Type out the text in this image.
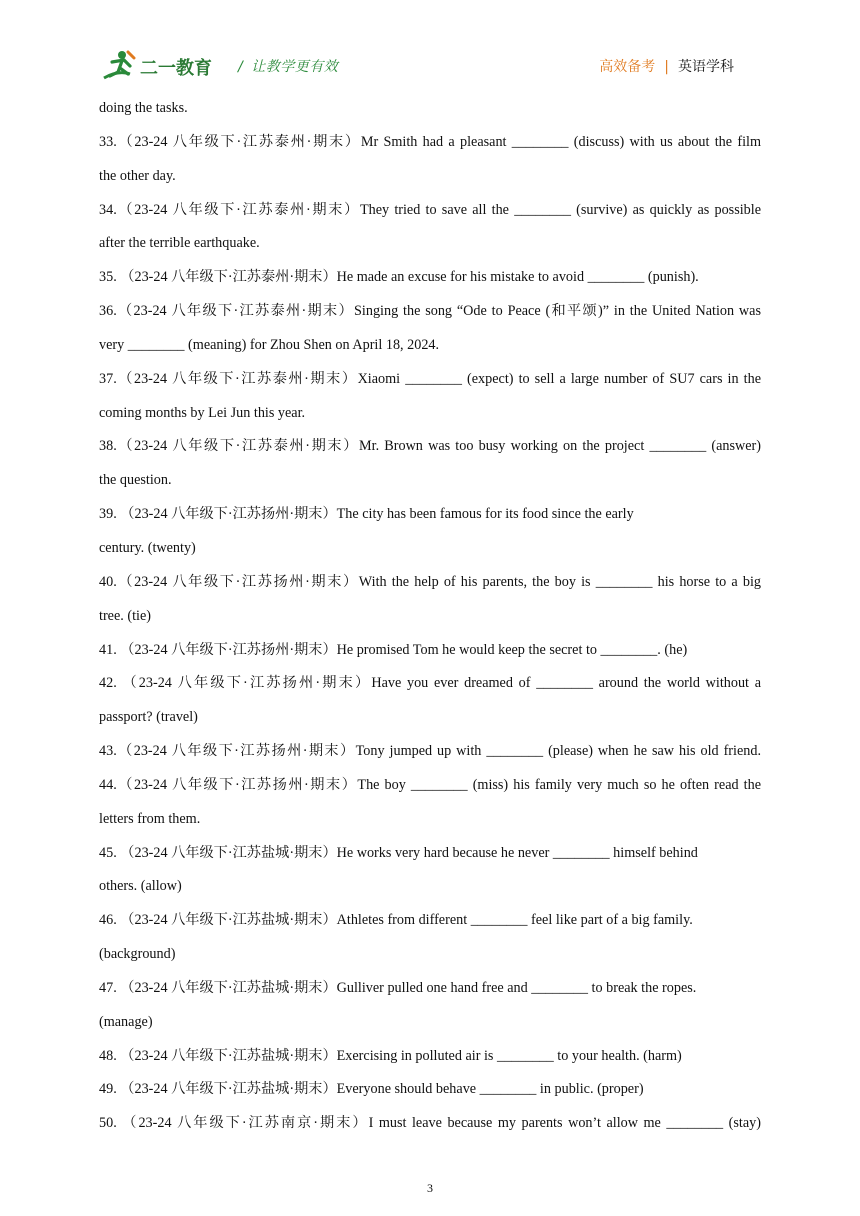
二一教育 / 让教学更有效	高效备考 | 英语学科
doing the tasks.
33.（23-24 八年级下·江苏泰州·期末）Mr Smith had a pleasant ________ (discuss) with us about the film
the other day.
34.（23-24 八年级下·江苏泰州·期末）They tried to save all the ________ (survive) as quickly as possible
after the terrible earthquake.
35. （23-24 八年级下·江苏泰州·期末）He made an excuse for his mistake to avoid ________ (punish).
36.（23-24 八年级下·江苏泰州·期末）Singing the song “Ode to Peace (和平颂)” in the United Nation was
very ________ (meaning) for Zhou Shen on April 18, 2024.
37.（23-24 八年级下·江苏泰州·期末）Xiaomi ________ (expect) to sell a large number of SU7 cars in the
coming months by Lei Jun this year.
38.（23-24 八年级下·江苏泰州·期末）Mr. Brown was too busy working on the project ________ (answer)
the question.
39. （23-24 八年级下·江苏扬州·期末）The city has been famous for its food since the early
century. (twenty)
40.（23-24 八年级下·江苏扬州·期末）With the help of his parents, the boy is ________ his horse to a big
tree. (tie)
41. （23-24 八年级下·江苏扬州·期末）He promised Tom he would keep the secret to ________. (he)
42. （23-24 八年级下·江苏扬州·期末）Have you ever dreamed of ________ around the world without a
passport? (travel)
43.（23-24 八年级下·江苏扬州·期末）Tony jumped up with ________ (please) when he saw his old friend.
44.（23-24 八年级下·江苏扬州·期末）The boy ________ (miss) his family very much so he often read the
letters from them.
45. （23-24 八年级下·江苏盐城·期末）He works very hard because he never ________ himself behind
others. (allow)
46. （23-24 八年级下·江苏盐城·期末）Athletes from different ________ feel like part of a big family.
(background)
47. （23-24 八年级下·江苏盐城·期末）Gulliver pulled one hand free and ________ to break the ropes.
(manage)
48. （23-24 八年级下·江苏盐城·期末）Exercising in polluted air is ________ to your health. (harm)
49. （23-24 八年级下·江苏盐城·期末）Everyone should behave ________ in public. (proper)
50. （23-24 八年级下·江苏南京·期末）I must leave because my parents won’t allow me ________ (stay)
3
